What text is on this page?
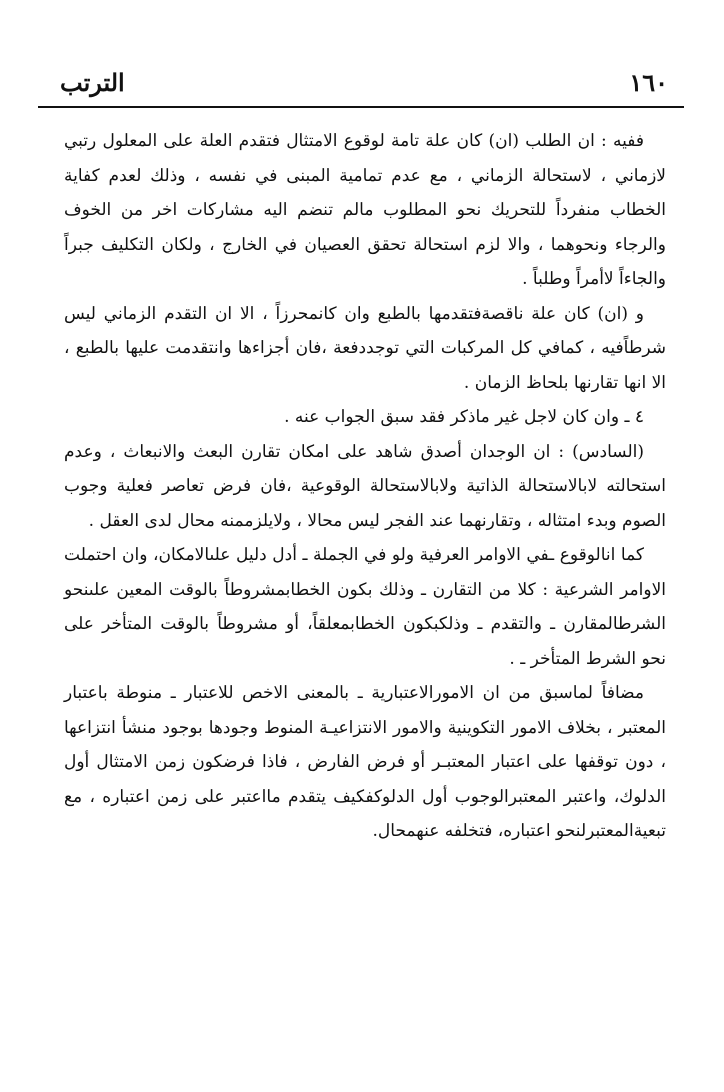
١٦٠
الترتب

ففيه : ان الطلب (ان) كان علة تامة لوقوع الامتثال فتقدم العلة على المعلول رتبي لازماني ، لاستحالة الزماني ، مع عدم تمامية المبنى في نفسه ، وذلك لعدم كفاية الخطاب منفرداً للتحريك نحو المطلوب مالم تنضم اليه مشاركات اخر من الخوف والرجاء ونحوهما ، والا لزم استحالة تحقق العصيان في الخارج ، ولكان التكليف جبراً والجاءاً لاأمراً وطلباً .

و (ان) كان علة ناقصةفتقدمها بالطبع وان كانمحرزاً ، الا ان التقدم الزماني ليس شرطاًفيه ، كمافي كل المركبات التي توجددفعة ،فان أجزاءها وانتقدمت عليها بالطبع ، الا انها تقارنها بلحاظ الزمان .

٤ ـ وان كان لاجل غير ماذكر فقد سبق الجواب عنه .

(السادس) : ان الوجدان أصدق شاهد على امكان تقارن البعث والانبعاث ، وعدم استحالته لابالاستحالة الذاتية ولابالاستحالة الوقوعية ،فان فرض تعاصر فعلية وجوب الصوم وبدء امتثاله ، وتقارنهما عند الفجر ليس محالا ، ولايلزممنه محال لدى العقل .

كما انالوقوع ـفي الاوامر العرفية ولو في الجملة ـ أدل دليل علىالامكان، وان احتملت الاوامر الشرعية : كلا من التقارن ـ وذلك بكون الخطابمشروطاً بالوقت المعين علىنحو الشرطالمقارن ـ والتقدم ـ وذلكبكون الخطابمعلقاً، أو مشروطاً بالوقت المتأخر على نحو الشرط المتأخر ـ .

مضافاً لماسبق من ان الامورالاعتبارية ـ بالمعنى الاخص للاعتبار ـ منوطة باعتبار المعتبر ، بخلاف الامور التكوينية والامور الانتزاعيـة المنوط وجودها بوجود منشأ انتزاعها ، دون توقفها على اعتبار المعتبـر أو فرض الفارض ، فاذا فرضكون زمن الامتثال أول الدلوك، واعتبر المعتبرالوجوب أول الدلوكفكيف يتقدم مااعتبر على زمن اعتباره ، مع تبعيةالمعتبرلنحو اعتباره، فتخلفه عنهمحال.
